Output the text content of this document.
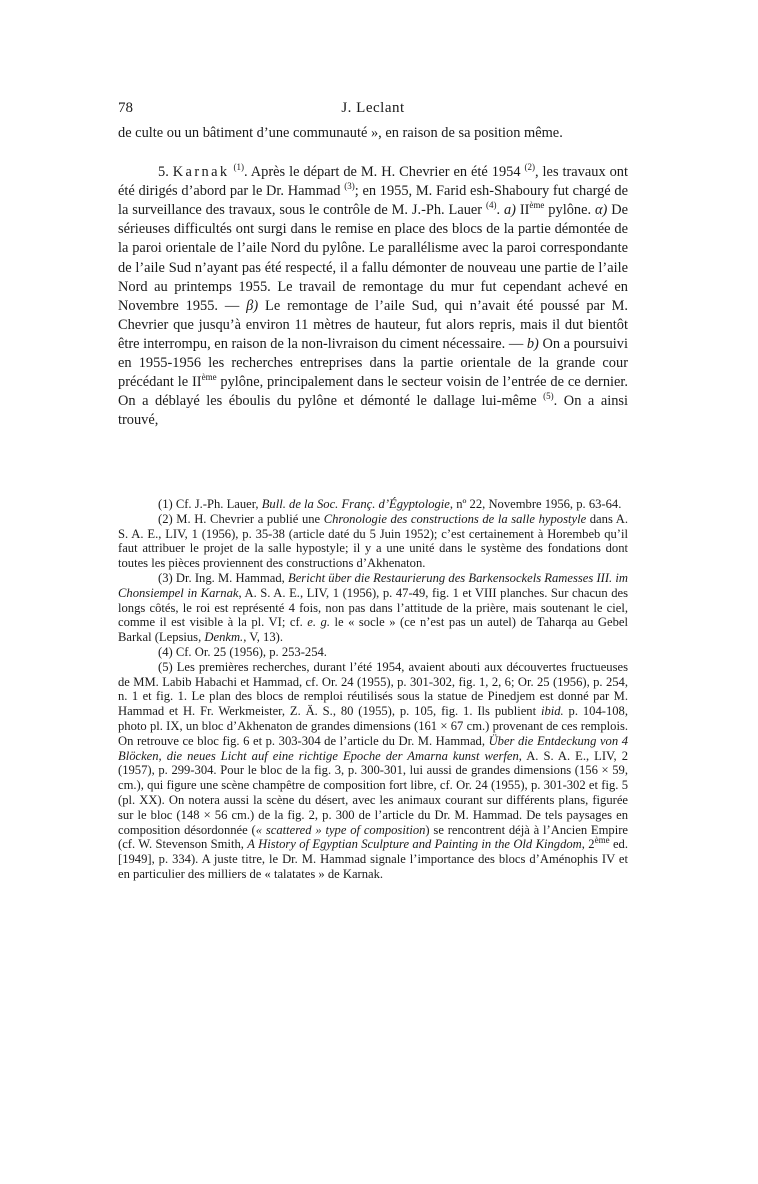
78	J. Leclant

de culte ou un bâtiment d’une communauté », en raison de sa position même.

5. Karnak $^{(1)}$. Après le départ de M. H. Chevrier en été 1954 $^{(2)}$, les travaux ont été dirigés d’abord par le Dr. Hammad $^{(3)}$; en 1955, M. Farid esh-Shaboury fut chargé de la surveillance des travaux, sous le contrôle de M. J.-Ph. Lauer $^{(4)}$. a) IIème pylône. α) De sérieuses difficultés ont surgi dans le remise en place des blocs de la partie démontée de la paroi orientale de l’aile Nord du pylône. Le parallélisme avec la paroi correspondante de l’aile Sud n’ayant pas été respecté, il a fallu démonter de nouveau une partie de l’aile Nord au printemps 1955. Le travail de remontage du mur fut cependant achevé en Novembre 1955. — β) Le remontage de l’aile Sud, qui n’avait été poussé par M. Chevrier que jusqu’à environ 11 mètres de hauteur, fut alors repris, mais il dut bientôt être interrompu, en raison de la non-livraison du ciment nécessaire. — b) On a poursuivi en 1955-1956 les recherches entreprises dans la partie orientale de la grande cour précédant le IIème pylône, principalement dans le secteur voisin de l’entrée de ce dernier. On a déblayé les éboulis du pylône et démonté le dallage lui-même $^{(5)}$. On a ainsi trouvé,

(1) Cf. J.-Ph. Lauer, Bull. de la Soc. Franç. d’Égyptologie, nº 22, Novembre 1956, p. 63-64.

(2) M. H. Chevrier a publié une Chronologie des constructions de la salle hypostyle dans A. S. A. E., LIV, 1 (1956), p. 35-38 (article daté du 5 Juin 1952); c’est certainement à Horembeb qu’il faut attribuer le projet de la salle hypostyle; il y a une unité dans le système des fondations dont toutes les pièces proviennent des constructions d’Akhenaton.

(3) Dr. Ing. M. Hammad, Bericht über die Restaurierung des Barkensockels Ramesses III. im Chonsiempel in Karnak, A. S. A. E., LIV, 1 (1956), p. 47-49, fig. 1 et VIII planches. Sur chacun des longs côtés, le roi est représenté 4 fois, non pas dans l’attitude de la prière, mais soutenant le ciel, comme il est visible à la pl. VI; cf. e. g. le « socle » (ce n’est pas un autel) de Taharqa au Gebel Barkal (Lepsius, Denkm., V, 13).

(4) Cf. Or. 25 (1956), p. 253-254.

(5) Les premières recherches, durant l’été 1954, avaient abouti aux découvertes fructueuses de MM. Labib Habachi et Hammad, cf. Or. 24 (1955), p. 301-302, fig. 1, 2, 6; Or. 25 (1956), p. 254, n. 1 et fig. 1. Le plan des blocs de remploi réutilisés sous la statue de Pinedjem est donné par M. Hammad et H. Fr. Werkmeister, Z. Ä. S., 80 (1955), p. 105, fig. 1. Ils publient ibid. p. 104-108, photo pl. IX, un bloc d’Akhenaton de grandes dimensions (161 × 67 cm.) provenant de ces remplois. On retrouve ce bloc fig. 6 et p. 303-304 de l’article du Dr. M. Hammad, Über die Entdeckung von 4 Blöcken, die neues Licht auf eine richtige Epoche der Amarna kunst werfen, A. S. A. E., LIV, 2 (1957), p. 299-304. Pour le bloc de la fig. 3, p. 300-301, lui aussi de grandes dimensions (156 × 59, cm.), qui figure une scène champêtre de composition fort libre, cf. Or. 24 (1955), p. 301-302 et fig. 5 (pl. XX). On notera aussi la scène du désert, avec les animaux courant sur différents plans, figurée sur le bloc (148 × 56 cm.) de la fig. 2, p. 300 de l’article du Dr. M. Hammad. De tels paysages en composition désordonnée (« scattered » type of composition) se rencontrent déjà à l’Ancien Empire (cf. W. Stevenson Smith, A History of Egyptian Sculpture and Painting in the Old Kingdom, 2ème ed. [1949], p. 334). A juste titre, le Dr. M. Hammad signale l’importance des blocs d’Aménophis IV et en particulier des milliers de « talatates » de Karnak.
